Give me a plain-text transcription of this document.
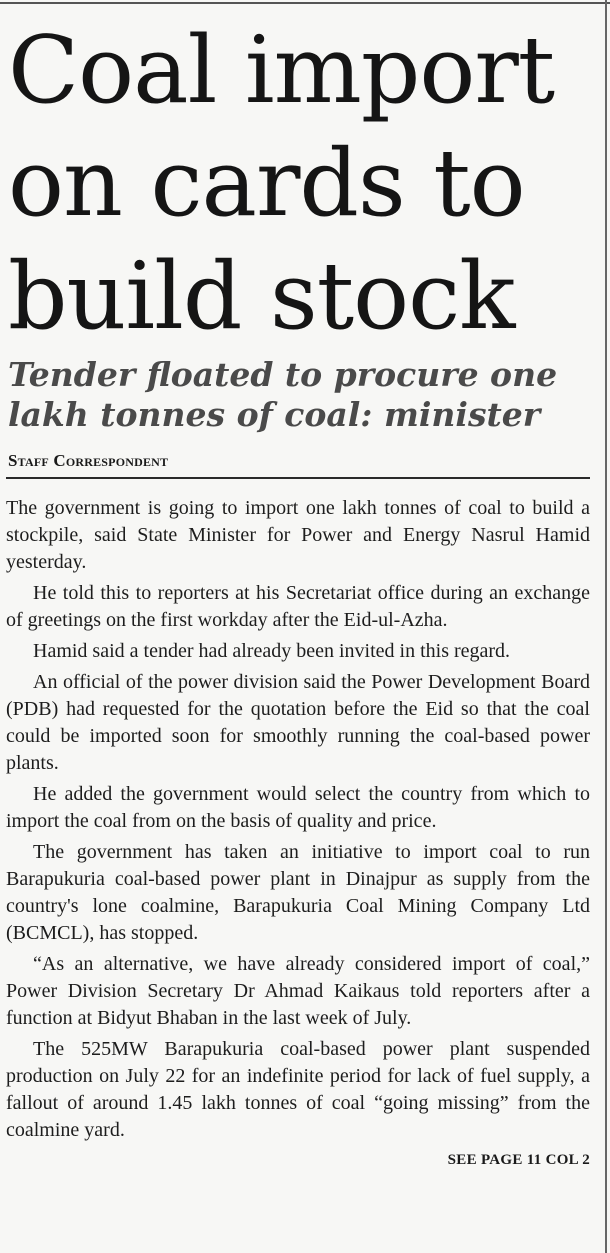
Coal import
on cards to
build stock
Tender floated to procure one
lakh tonnes of coal: minister
Staff Correspondent

The government is going to import one lakh tonnes of coal to build a stockpile, said State Minister for Power and Energy Nasrul Hamid yesterday.

He told this to reporters at his Secretariat office during an exchange of greetings on the first workday after the Eid-ul-Azha.

Hamid said a tender had already been invited in this regard.

An official of the power division said the Power Development Board (PDB) had requested for the quotation before the Eid so that the coal could be imported soon for smoothly running the coal-based power plants.

He added the government would select the country from which to import the coal from on the basis of quality and price.

The government has taken an initiative to import coal to run Barapukuria coal-based power plant in Dinajpur as supply from the country's lone coalmine, Barapukuria Coal Mining Company Ltd (BCMCL), has stopped.

“As an alternative, we have already considered import of coal,” Power Division Secretary Dr Ahmad Kaikaus told reporters after a function at Bidyut Bhaban in the last week of July.

The 525MW Barapukuria coal-based power plant suspended production on July 22 for an indefinite period for lack of fuel supply, a fallout of around 1.45 lakh tonnes of coal “going missing” from the coalmine yard.

SEE PAGE 11 COL 2
